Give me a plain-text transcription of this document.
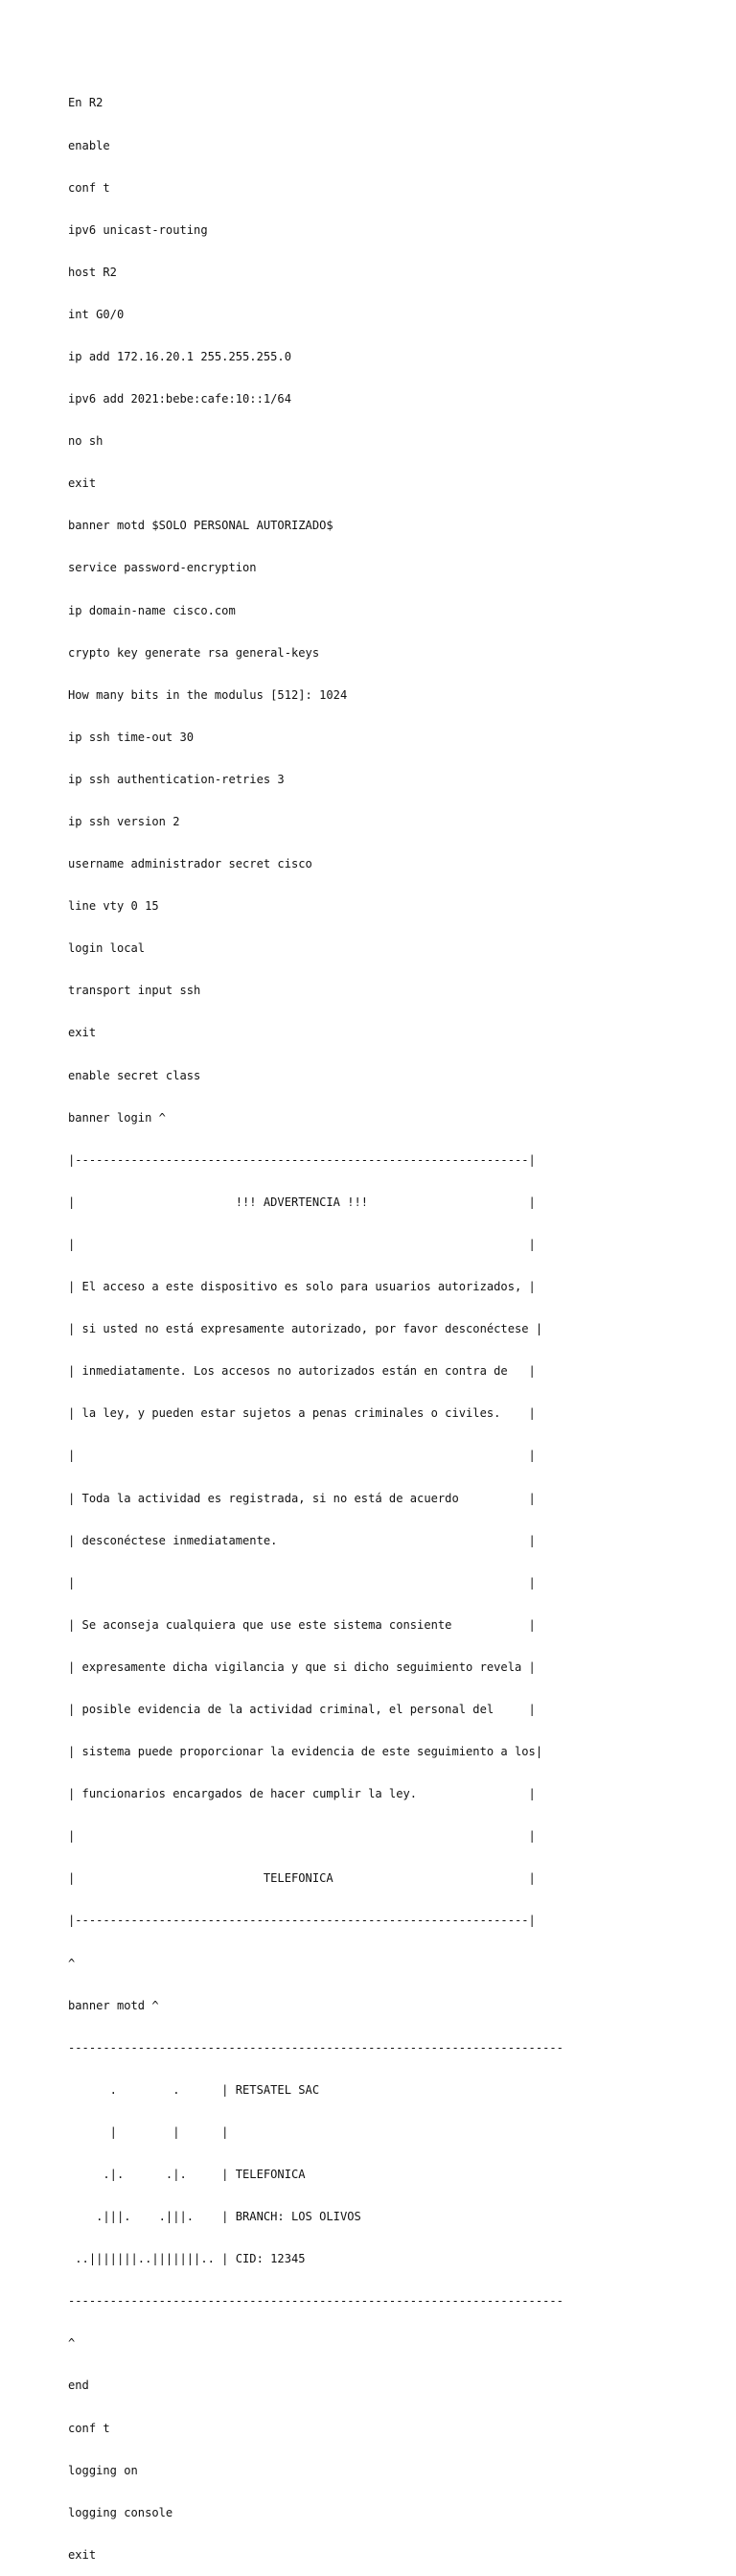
En R2

enable

conf t

ipv6 unicast-routing

host R2

int G0/0

ip add 172.16.20.1 255.255.255.0

ipv6 add 2021:bebe:cafe:10::1/64

no sh

exit

banner motd $SOLO PERSONAL AUTORIZADO$

service password-encryption

ip domain-name cisco.com

crypto key generate rsa general-keys

How many bits in the modulus [512]: 1024

ip ssh time-out 30

ip ssh authentication-retries 3

ip ssh version 2

username administrador secret cisco

line vty 0 15

login local

transport input ssh

exit

enable secret class

banner login ^

|-----------------------------------------------------------------|

|                       !!! ADVERTENCIA !!!                       |

|                                                                 |

| El acceso a este dispositivo es solo para usuarios autorizados, |

| si usted no está expresamente autorizado, por favor desconéctese |

| inmediatamente. Los accesos no autorizados están en contra de   |

| la ley, y pueden estar sujetos a penas criminales o civiles.    |

|                                                                 |

| Toda la actividad es registrada, si no está de acuerdo          |

| desconéctese inmediatamente.                                    |

|                                                                 |

| Se aconseja cualquiera que use este sistema consiente           |

| expresamente dicha vigilancia y que si dicho seguimiento revela |

| posible evidencia de la actividad criminal, el personal del     |

| sistema puede proporcionar la evidencia de este seguimiento a los|

| funcionarios encargados de hacer cumplir la ley.                |

|                                                                 |

|                           TELEFONICA                            |

|-----------------------------------------------------------------|

^

banner motd ^

-----------------------------------------------------------------------

.        .      | RETSATEL SAC

|        |      |

.|.      .|.     | TELEFONICA

.|||.    .|||.    | BRANCH: LOS OLIVOS

..|||||||..|||||||.. | CID: 12345

-----------------------------------------------------------------------

^

end

conf t

logging on

logging console

exit
